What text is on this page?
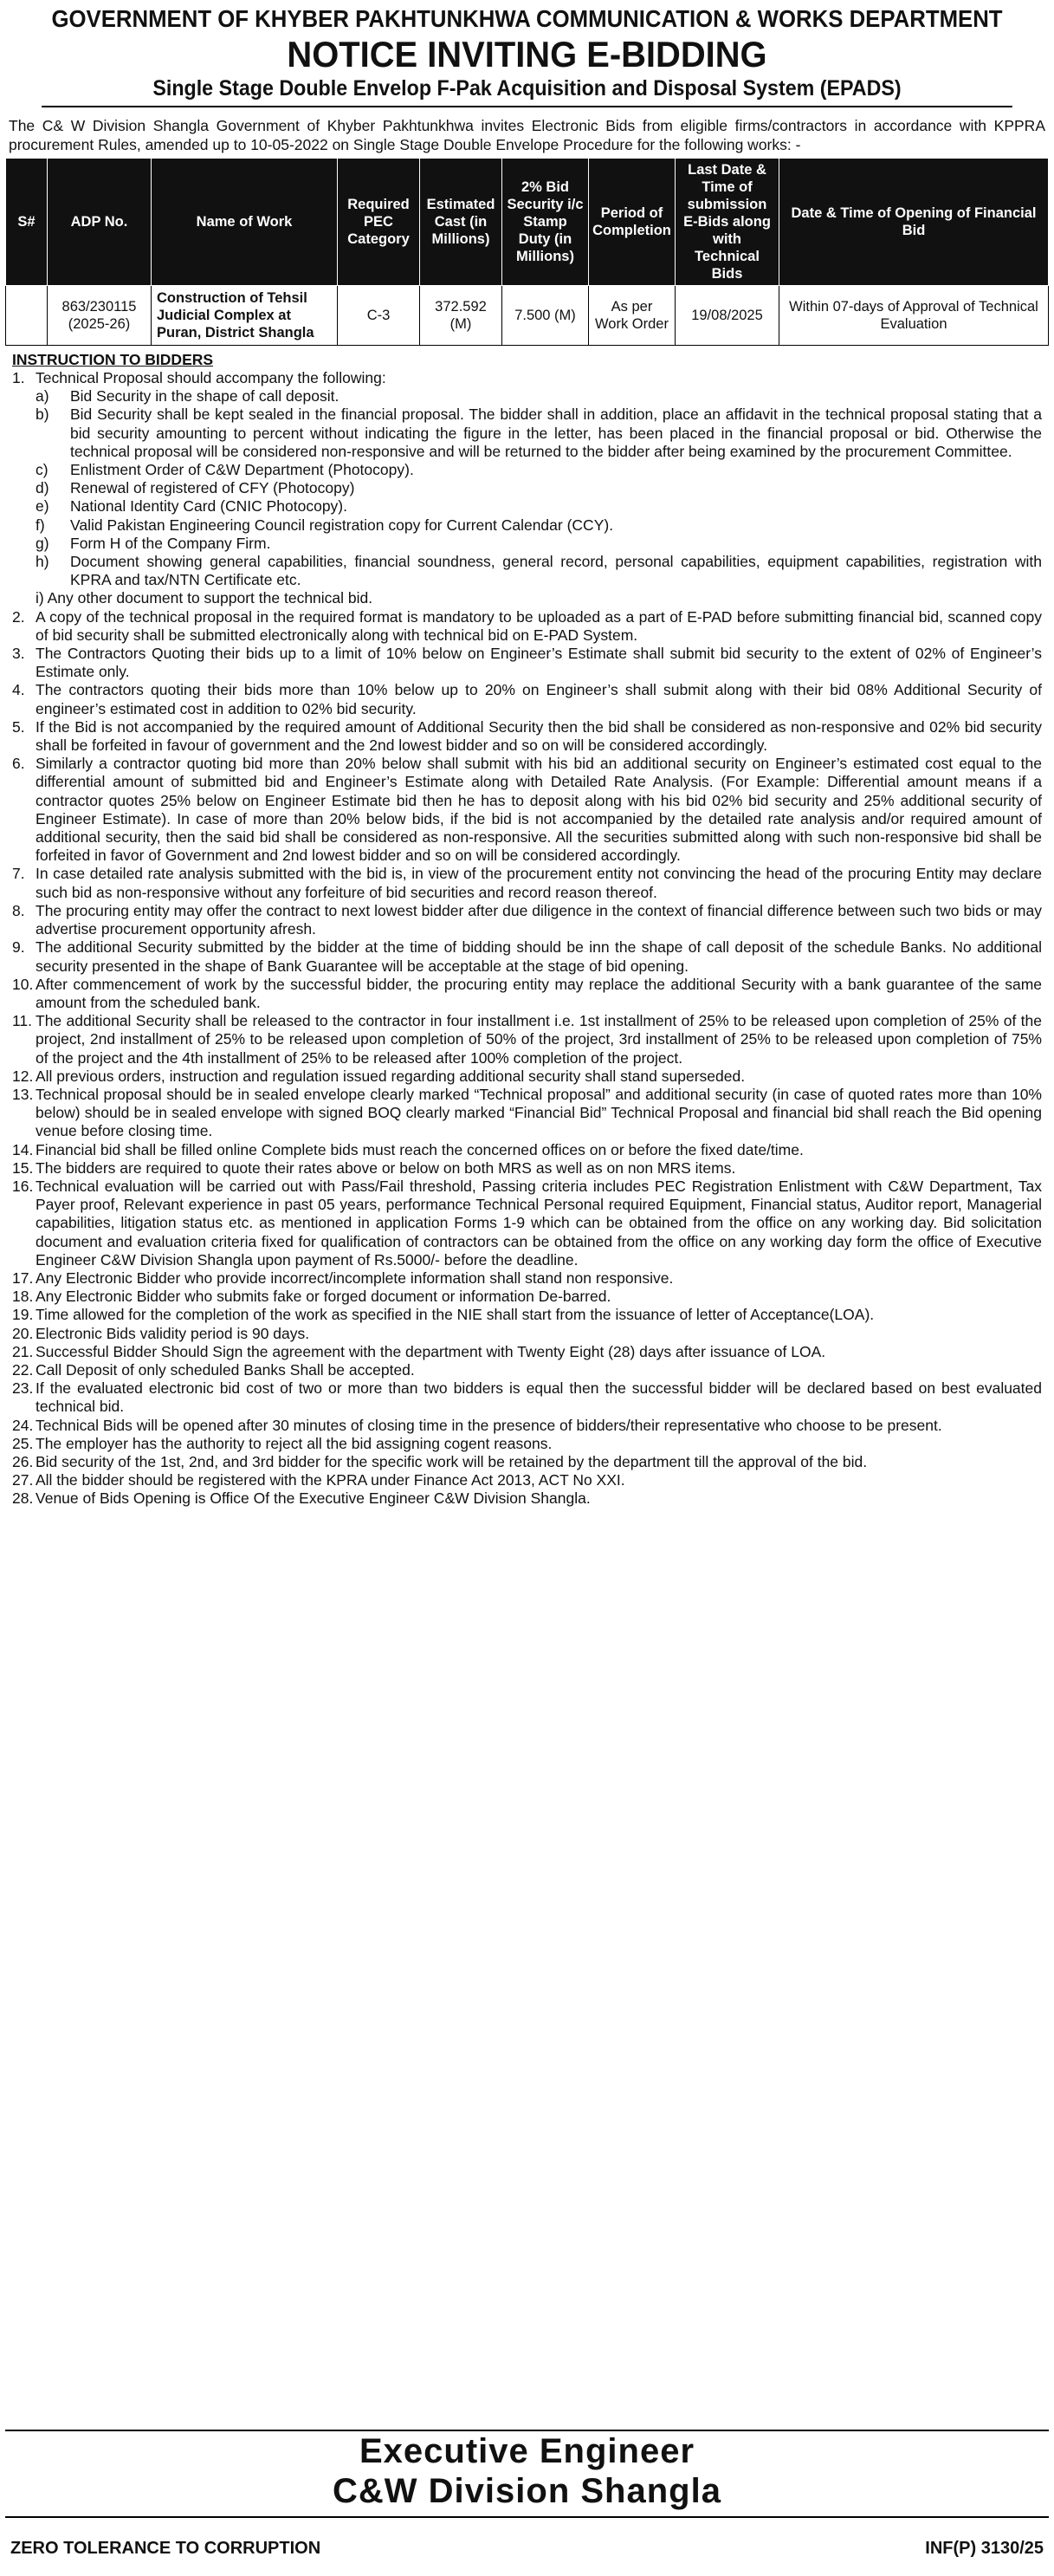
GOVERNMENT OF KHYBER PAKHTUNKHWA COMMUNICATION & WORKS DEPARTMENT
NOTICE INVITING E-BIDDING
Single Stage Double Envelop F-Pak Acquisition and Disposal System (EPADS)

The C& W Division Shangla Government of Khyber Pakhtunkhwa invites Electronic Bids from eligible firms/contractors in accordance with KPPRA procurement Rules, amended up to 10-05-2022 on Single Stage Double Envelope Procedure for the following works: -

S#	ADP No.	Name of Work	Required PEC Category	Estimated Cast (in Millions)	2% Bid Security i/c Stamp Duty (in Millions)	Period of Completion	Last Date & Time of submission E-Bids along with Technical Bids	Date & Time of Opening of Financial Bid
	863/230115 (2025-26)	Construction of Tehsil Judicial Complex at Puran, District Shangla	C-3	372.592 (M)	7.500 (M)	As per Work Order	19/08/2025	Within 07-days of Approval of Technical Evaluation
INSTRUCTION TO BIDDERS
1. Technical Proposal should accompany the following:
a)	Bid Security in the shape of call deposit.
b)	Bid Security shall be kept sealed in the financial proposal. The bidder shall in addition, place an affidavit in the technical proposal stating that a bid security amounting to percent without indicating the figure in the letter, has been placed in the financial proposal or bid. Otherwise the technical proposal will be considered non-responsive and will be returned to the bidder after being examined by the procurement Committee.
c)	Enlistment Order of C&W Department (Photocopy).
d)	Renewal of registered of CFY (Photocopy)
e)	National Identity Card (CNIC Photocopy).
f)	Valid Pakistan Engineering Council registration copy for Current Calendar (CCY).
g)	Form H of the Company Firm.
h)	Document showing general capabilities, financial soundness, general record, personal capabilities, equipment capabilities, registration with KPRA and tax/NTN Certificate etc.
i) Any other document to support the technical bid.
2. A copy of the technical proposal in the required format is mandatory to be uploaded as a part of E-PAD before submitting financial bid, scanned copy of bid security shall be submitted electronically along with technical bid on E-PAD System.
3. The Contractors Quoting their bids up to a limit of 10% below on Engineer’s Estimate shall submit bid security to the extent of 02% of Engineer’s Estimate only.
4. The contractors quoting their bids more than 10% below up to 20% on Engineer’s shall submit along with their bid 08% Additional Security of engineer’s estimated cost in addition to 02% bid security.
5. If the Bid is not accompanied by the required amount of Additional Security then the bid shall be considered as non-responsive and 02% bid security shall be forfeited in favour of government and the 2nd lowest bidder and so on will be considered accordingly.
6. Similarly a contractor quoting bid more than 20% below shall submit with his bid an additional security on Engineer’s estimated cost equal to the differential amount of submitted bid and Engineer’s Estimate along with Detailed Rate Analysis. (For Example: Differential amount means if a contractor quotes 25% below on Engineer Estimate bid then he has to deposit along with his bid 02% bid security and 25% additional security of Engineer Estimate). In case of more than 20% below bids, if the bid is not accompanied by the detailed rate analysis and/or required amount of additional security, then the said bid shall be considered as non-responsive. All the securities submitted along with such non-responsive bid shall be forfeited in favor of Government and 2nd lowest bidder and so on will be considered accordingly.
7. In case detailed rate analysis submitted with the bid is, in view of the procurement entity not convincing the head of the procuring Entity may declare such bid as non-responsive without any forfeiture of bid securities and record reason thereof.
8. The procuring entity may offer the contract to next lowest bidder after due diligence in the context of financial difference between such two bids or may advertise procurement opportunity afresh.
9. The additional Security submitted by the bidder at the time of bidding should be inn the shape of call deposit of the schedule Banks. No additional security presented in the shape of Bank Guarantee will be acceptable at the stage of bid opening.
10. After commencement of work by the successful bidder, the procuring entity may replace the additional Security with a bank guarantee of the same amount from the scheduled bank.
11. The additional Security shall be released to the contractor in four installment i.e. 1st installment of 25% to be released upon completion of 25% of the project, 2nd installment of 25% to be released upon completion of 50% of the project, 3rd installment of 25% to be released upon completion of 75% of the project and the 4th installment of 25% to be released after 100% completion of the project.
12. All previous orders, instruction and regulation issued regarding additional security shall stand superseded.
13. Technical proposal should be in sealed envelope clearly marked “Technical proposal” and additional security (in case of quoted rates more than 10% below) should be in sealed envelope with signed BOQ clearly marked “Financial Bid” Technical Proposal and financial bid shall reach the Bid opening venue before closing time.
14. Financial bid shall be filled online Complete bids must reach the concerned offices on or before the fixed date/time.
15. The bidders are required to quote their rates above or below on both MRS as well as on non MRS items.
16. Technical evaluation will be carried out with Pass/Fail threshold, Passing criteria includes PEC Registration Enlistment with C&W Department, Tax Payer proof, Relevant experience in past 05 years, performance Technical Personal required Equipment, Financial status, Auditor report, Managerial capabilities, litigation status etc. as mentioned in application Forms 1-9 which can be obtained from the office on any working day. Bid solicitation document and evaluation criteria fixed for qualification of contractors can be obtained from the office on any working day form the office of Executive Engineer C&W Division Shangla upon payment of Rs.5000/- before the deadline.
17. Any Electronic Bidder who provide incorrect/incomplete information shall stand non responsive.
18. Any Electronic Bidder who submits fake or forged document or information De-barred.
19. Time allowed for the completion of the work as specified in the NIE shall start from the issuance of letter of Acceptance(LOA).
20. Electronic Bids validity period is 90 days.
21. Successful Bidder Should Sign the agreement with the department with Twenty Eight (28) days after issuance of LOA.
22. Call Deposit of only scheduled Banks Shall be accepted.
23. If the evaluated electronic bid cost of two or more than two bidders is equal then the successful bidder will be declared based on best evaluated technical bid.
24. Technical Bids will be opened after 30 minutes of closing time in the presence of bidders/their representative who choose to be present.
25. The employer has the authority to reject all the bid assigning cogent reasons.
26. Bid security of the 1st, 2nd, and 3rd bidder for the specific work will be retained by the department till the approval of the bid.
27. All the bidder should be registered with the KPRA under Finance Act 2013, ACT No XXI.
28. Venue of Bids Opening is Office Of the Executive Engineer C&W Division Shangla.
Executive Engineer
C&W Division Shangla
ZERO TOLERANCE TO CORRUPTION	INF(P) 3130/25
